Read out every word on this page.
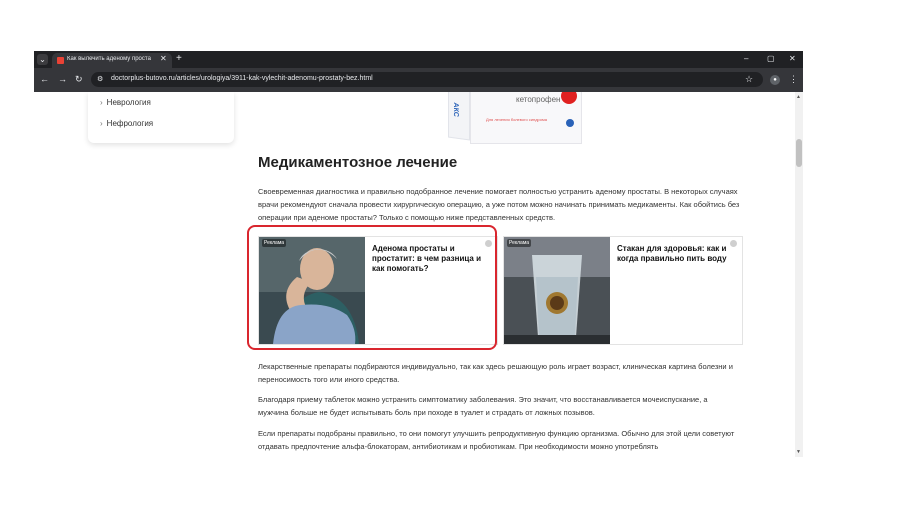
⌄	Как вылечить аденому проста	✕ +	– ▢ ✕
← → ↻ ⚙ doctorplus-butovo.ru/articles/urologiya/3911-kak-vylechit-adenomu-prostaty-bez.html	☆	●	⋮
› Неврология
› Нефрология
АКС
кетопрофен
Для лечения болевого синдрома
Медикаментозное лечение

Своевременная диагностика и правильно подобранное лечение помогает полностью устранить аденому простаты. В некоторых случаях врачи рекомендуют сначала провести хирургическую операцию, а уже потом можно начинать принимать медикаменты. Как обойтись без операции при аденоме простаты? Только с помощью ниже представленных средств.

Реклама
Аденома простаты и простатит: в чем разница и как помогать?
Реклама
Стакан для здоровья: как и когда правильно пить воду

Лекарственные препараты подбираются индивидуально, так как здесь решающую роль играет возраст, клиническая картина болезни и переносимость того или иного средства.

Благодаря приему таблеток можно устранить симптоматику заболевания. Это значит, что восстанавливается мочеиспускание, а мужчина больше не будет испытывать боль при походе в туалет и страдать от ложных позывов.

Если препараты подобраны правильно, то они помогут улучшить репродуктивную функцию организма. Обычно для этой цели советуют отдавать предпочтение альфа-блокаторам, антибиотикам и пробиотикам. При необходимости можно употреблять

▲
▼
